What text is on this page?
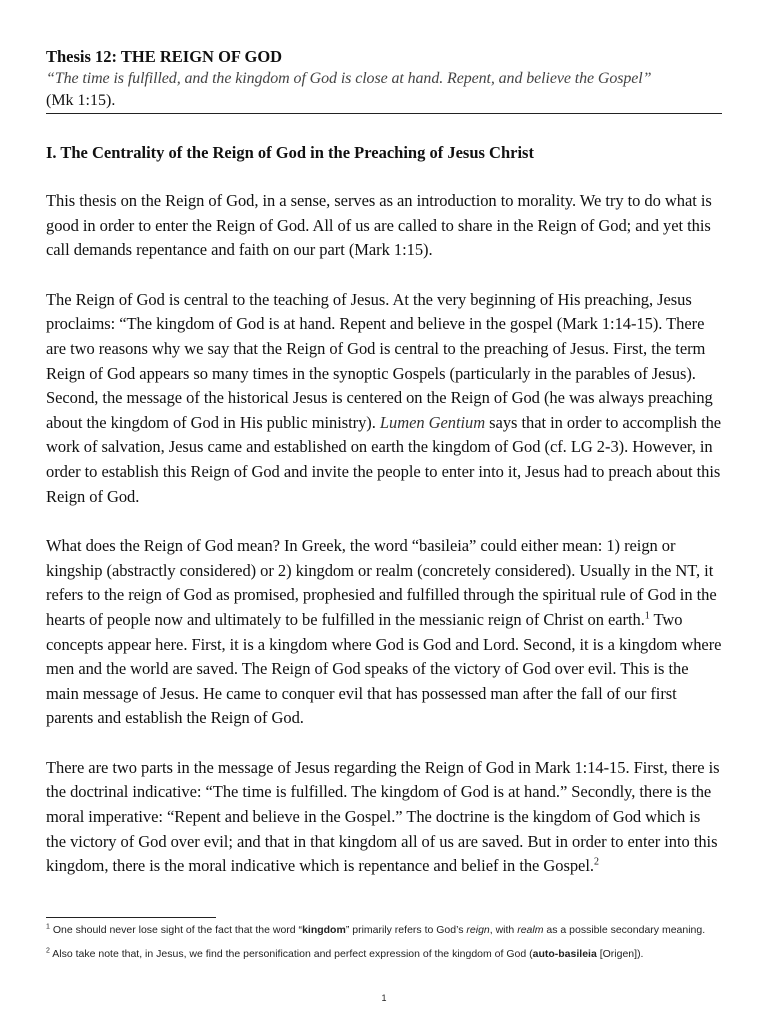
Thesis 12: THE REIGN OF GOD

“The time is fulfilled, and the kingdom of God is close at hand. Repent, and believe the Gospel”

(Mk 1:15).

I. The Centrality of the Reign of God in the Preaching of Jesus Christ

This thesis on the Reign of God, in a sense, serves as an introduction to morality. We try to do what is good in order to enter the Reign of God. All of us are called to share in the Reign of God; and yet this call demands repentance and faith on our part (Mark 1:15).

The Reign of God is central to the teaching of Jesus. At the very beginning of His preaching, Jesus proclaims: “The kingdom of God is at hand. Repent and believe in the gospel (Mark 1:14-15). There are two reasons why we say that the Reign of God is central to the preaching of Jesus. First, the term Reign of God appears so many times in the synoptic Gospels (particularly in the parables of Jesus). Second, the message of the historical Jesus is centered on the Reign of God (he was always preaching about the kingdom of God in His public ministry). Lumen Gentium says that in order to accomplish the work of salvation, Jesus came and established on earth the kingdom of God (cf. LG 2-3). However, in order to establish this Reign of God and invite the people to enter into it, Jesus had to preach about this Reign of God.

What does the Reign of God mean? In Greek, the word “basileia” could either mean: 1) reign or kingship (abstractly considered) or 2) kingdom or realm (concretely considered). Usually in the NT, it refers to the reign of God as promised, prophesied and fulfilled through the spiritual rule of God in the hearts of people now and ultimately to be fulfilled in the messianic reign of Christ on earth.$^1$ Two concepts appear here. First, it is a kingdom where God is God and Lord. Second, it is a kingdom where men and the world are saved. The Reign of God speaks of the victory of God over evil. This is the main message of Jesus. He came to conquer evil that has possessed man after the fall of our first parents and establish the Reign of God.

There are two parts in the message of Jesus regarding the Reign of God in Mark 1:14-15. First, there is the doctrinal indicative: “The time is fulfilled. The kingdom of God is at hand.” Secondly, there is the moral imperative: “Repent and believe in the Gospel.” The doctrine is the kingdom of God which is the victory of God over evil; and that in that kingdom all of us are saved. But in order to enter into this kingdom, there is the moral indicative which is repentance and belief in the Gospel.$^2$

$^1$ One should never lose sight of the fact that the word “kingdom” primarily refers to God’s reign, with realm as a possible secondary meaning.

$^2$ Also take note that, in Jesus, we find the personification and perfect expression of the kingdom of God (auto-basileia [Origen]).

1
